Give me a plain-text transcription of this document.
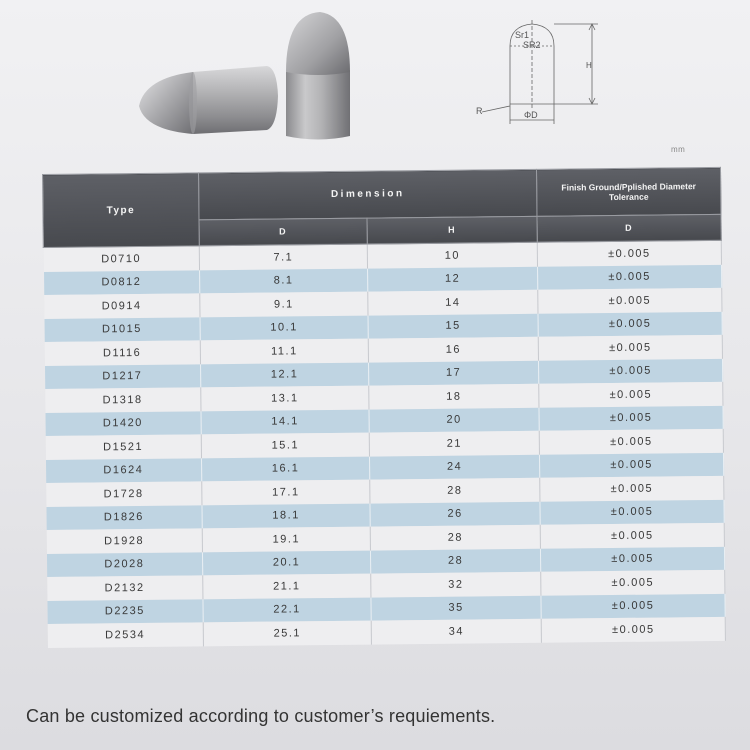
Sr1
SR2
H
R	ΦD
mm
Type	Dimension		Finish Ground/Pplished Diameter Tolerance
	D	H	D
D0710	7.1	10	±0.005
D0812	8.1	12	±0.005
D0914	9.1	14	±0.005
D1015	10.1	15	±0.005
D1116	11.1	16	±0.005
D1217	12.1	17	±0.005
D1318	13.1	18	±0.005
D1420	14.1	20	±0.005
D1521	15.1	21	±0.005
D1624	16.1	24	±0.005
D1728	17.1	28	±0.005
D1826	18.1	26	±0.005
D1928	19.1	28	±0.005
D2028	20.1	28	±0.005
D2132	21.1	32	±0.005
D2235	22.1	35	±0.005
D2534	25.1	34	±0.005
Can be customized according to customer’s requiements.
